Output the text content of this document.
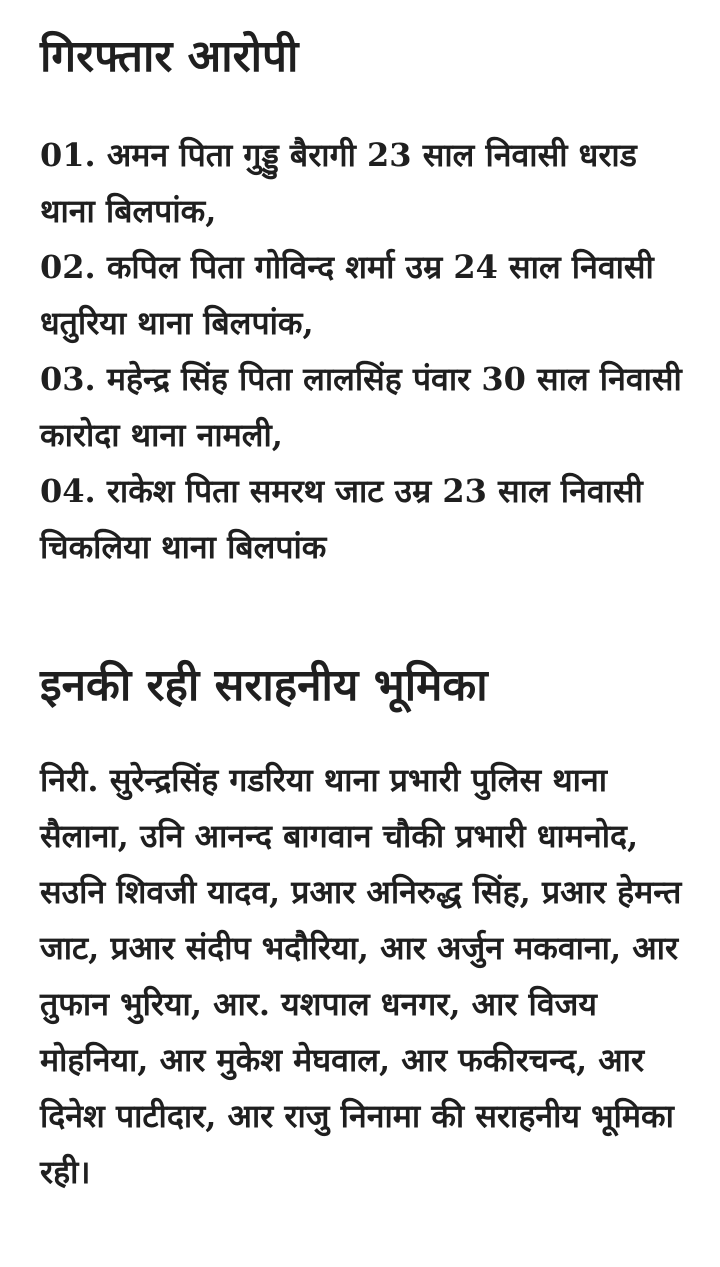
गिरफ्तार आरोपी
01. अमन पिता गुड्डु बैरागी 23 साल निवासी धराड थाना बिलपांक,
02. कपिल पिता गोविन्द शर्मा उम्र 24 साल निवासी धतुरिया थाना बिलपांक,
03. महेन्द्र सिंह पिता लालसिंह पंवार 30 साल निवासी कारोदा थाना नामली,
04. राकेश पिता समरथ जाट उम्र 23 साल निवासी चिकलिया थाना बिलपांक
इनकी रही सराहनीय भूमिका
निरी. सुरेन्द्रसिंह गडरिया थाना प्रभारी पुलिस थाना सैलाना, उनि आनन्द बागवान चौकी प्रभारी धामनोद, सउनि शिवजी यादव, प्रआर अनिरुद्ध सिंह, प्रआर हेमन्त जाट, प्रआर संदीप भदौरिया, आर अर्जुन मकवाना, आर तुफान भुरिया, आर. यशपाल धनगर, आर विजय मोहनिया, आर मुकेश मेघवाल, आर फकीरचन्द, आर दिनेश पाटीदार, आर राजु निनामा की सराहनीय भूमिका रही।
